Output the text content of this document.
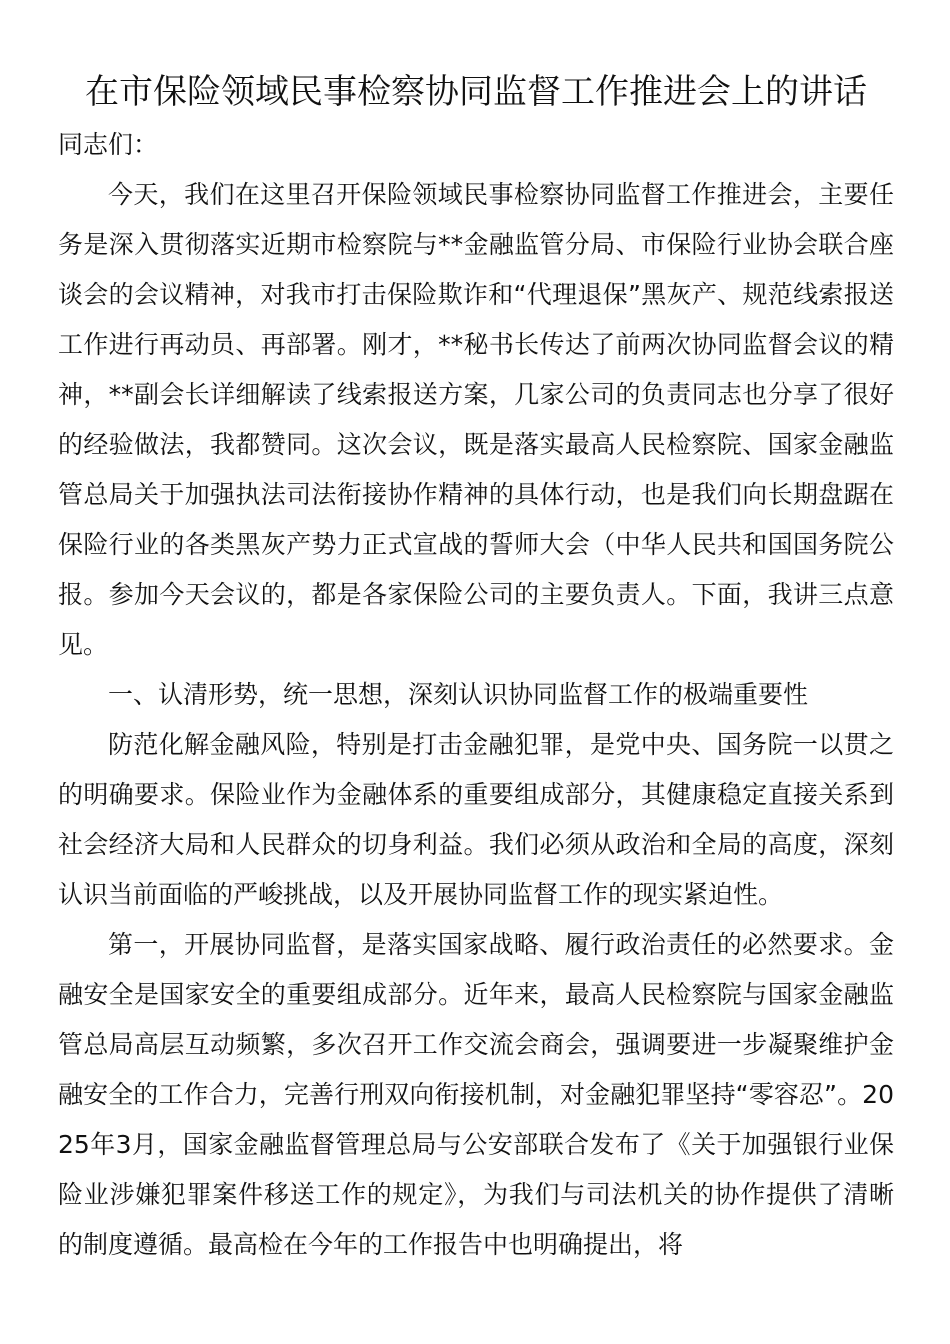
在市保险领域民事检察协同监督工作推进会上的讲话

同志们：

今天，我们在这里召开保险领域民事检察协同监督工作推进会，主要任务是深入贯彻落实近期市检察院与**金融监管分局、市保险行业协会联合座谈会的会议精神，对我市打击保险欺诈和“代理退保”黑灰产、规范线索报送工作进行再动员、再部署。刚才，**秘书长传达了前两次协同监督会议的精神，**副会长详细解读了线索报送方案，几家公司的负责同志也分享了很好的经验做法，我都赞同。这次会议，既是落实最高人民检察院、国家金融监管总局关于加强执法司法衔接协作精神的具体行动，也是我们向长期盘踞在保险行业的各类黑灰产势力正式宣战的誓师大会（中华人民共和国国务院公报。参加今天会议的，都是各家保险公司的主要负责人。下面，我讲三点意见。

一、认清形势，统一思想，深刻认识协同监督工作的极端重要性

防范化解金融风险，特别是打击金融犯罪，是党中央、国务院一以贯之的明确要求。保险业作为金融体系的重要组成部分，其健康稳定直接关系到社会经济大局和人民群众的切身利益。我们必须从政治和全局的高度，深刻认识当前面临的严峻挑战，以及开展协同监督工作的现实紧迫性。

第一，开展协同监督，是落实国家战略、履行政治责任的必然要求。金融安全是国家安全的重要组成部分。近年来，最高人民检察院与国家金融监管总局高层互动频繁，多次召开工作交流会商会，强调要进一步凝聚维护金融安全的工作合力，完善行刑双向衔接机制，对金融犯罪坚持“零容忍”。2025年3月，国家金融监督管理总局与公安部联合发布了《关于加强银行业保险业涉嫌犯罪案件移送工作的规定》，为我们与司法机关的协作提供了清晰的制度遵循。最高检在今年的工作报告中也明确提出，将
